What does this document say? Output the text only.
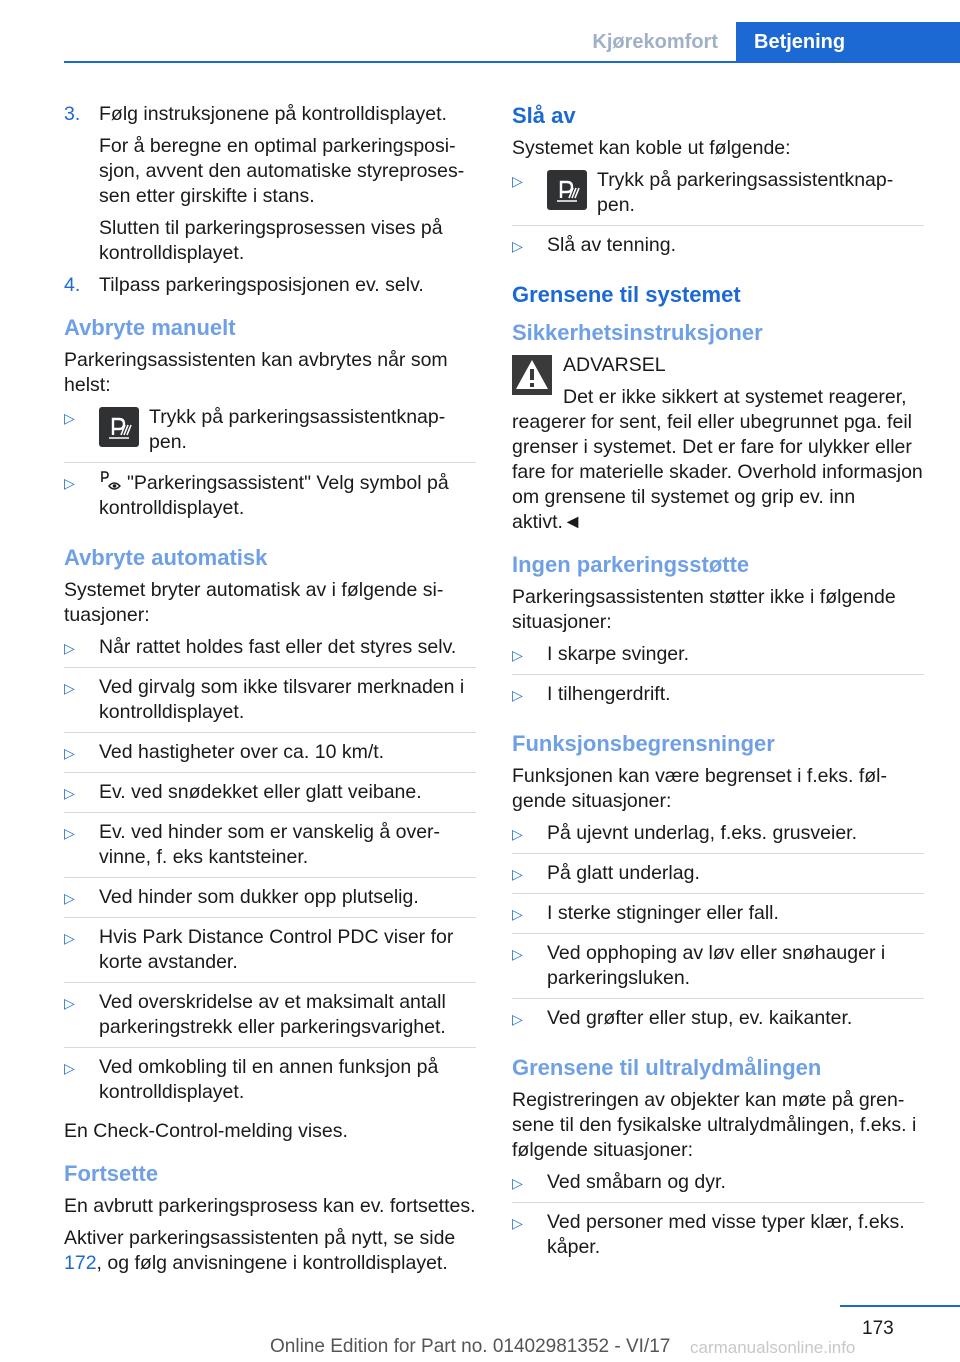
Kjørekomfort	Betjening
3. Følg instruksjonene på kontrolldisplayet.
For å beregne en optimal parkeringsposisjon, avvent den automatiske styreprosessen etter girskifte i stans.
Slutten til parkeringsprosessen vises på kontrolldisplayet.
4. Tilpass parkeringsposisjonen ev. selv.
Avbryte manuelt

Parkeringsassistenten kan avbrytes når som helst:

▷	Trykk på parkeringsassistentknappen.
▷	"Parkeringsassistent" Velg symbol på kontrolldisplayet.
Avbryte automatisk

Systemet bryter automatisk av i følgende situasjoner:

▷ Når rattet holdes fast eller det styres selv.
▷ Ved girvalg som ikke tilsvarer merknaden i kontrolldisplayet.
▷ Ved hastigheter over ca. 10 km/t.
▷ Ev. ved snødekket eller glatt veibane.
▷ Ev. ved hinder som er vanskelig å overvinne, f. eks kantsteiner.
▷ Ved hinder som dukker opp plutselig.
▷ Hvis Park Distance Control PDC viser for korte avstander.
▷ Ved overskridelse av et maksimalt antall parkeringstrekk eller parkeringsvarighet.
▷ Ved omkobling til en annen funksjon på kontrolldisplayet.

En Check-Control-melding vises.

Fortsette

En avbrutt parkeringsprosess kan ev. fortsettes.

Aktiver parkeringsassistenten på nytt, se side 172, og følg anvisningene i kontrolldisplayet.

Slå av

Systemet kan koble ut følgende:

▷	Trykk på parkeringsassistentknappen.
▷ Slå av tenning.
Grensene til systemet
Sikkerhetsinstruksjoner

ADVARSEL

Det er ikke sikkert at systemet reagerer, reagerer for sent, feil eller ubegrunnet pga. feil grenser i systemet. Det er fare for ulykker eller fare for materielle skader. Overhold informasjon om grensene til systemet og grip ev. inn aktivt.◄

Ingen parkeringsstøtte

Parkeringsassistenten støtter ikke i følgende situasjoner:

▷ I skarpe svinger.
▷ I tilhengerdrift.
Funksjonsbegrensninger

Funksjonen kan være begrenset i f.eks. følgende situasjoner:

▷ På ujevnt underlag, f.eks. grusveier.
▷ På glatt underlag.
▷ I sterke stigninger eller fall.
▷ Ved opphoping av løv eller snøhauger i parkeringsluken.
▷ Ved grøfter eller stup, ev. kaikanter.
Grensene til ultralydmålingen

Registreringen av objekter kan møte på grensene til den fysikalske ultralydmålingen, f.eks. i følgende situasjoner:

▷ Ved småbarn og dyr.
▷ Ved personer med visse typer klær, f.eks. kåper.
173
Online Edition for Part no. 01402981352 - VI/17 carmanualsonline.info
